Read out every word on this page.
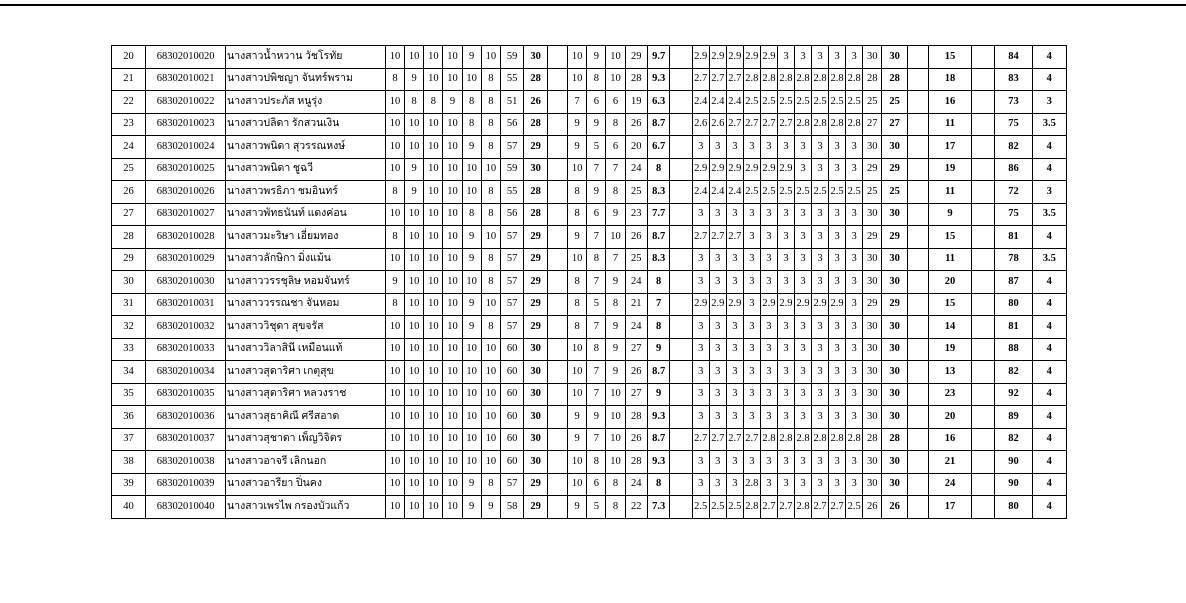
20	68302010020	นางสาวน้ำหวาน วัชโรทัย	10	10	10	10	9	10	59	30		10	9	10	29	9.7		2.9	2.9	2.9	2.9	2.9	3	3	3	3	3	30	30		15		84	4
21	68302010021	นางสาวปพิชญา จันทร์พราม	8	9	10	10	10	8	55	28		10	8	10	28	9.3		2.7	2.7	2.7	2.8	2.8	2.8	2.8	2.8	2.8	2.8	28	28		18		83	4
22	68302010022	นางสาวประภัส หนูรุ่ง	10	8	8	9	8	8	51	26		7	6	6	19	6.3		2.4	2.4	2.4	2.5	2.5	2.5	2.5	2.5	2.5	2.5	25	25		16		73	3
23	68302010023	นางสาวปลิดา รักสวนเงิน	10	10	10	10	8	8	56	28		9	9	8	26	8.7		2.6	2.6	2.7	2.7	2.7	2.7	2.8	2.8	2.8	2.8	27	27		11		75	3.5
24	68302010024	นางสาวพนิดา สุวรรณหงษ์	10	10	10	10	9	8	57	29		9	5	6	20	6.7		3	3	3	3	3	3	3	3	3	3	30	30		17		82	4
25	68302010025	นางสาวพนิดา ชูฉวี	10	9	10	10	10	10	59	30		10	7	7	24	8		2.9	2.9	2.9	2.9	2.9	2.9	3	3	3	3	29	29		19		86	4
26	68302010026	นางสาวพรธิภา ชมอินทร์	8	9	10	10	10	8	55	28		8	9	8	25	8.3		2.4	2.4	2.4	2.5	2.5	2.5	2.5	2.5	2.5	2.5	25	25		11		72	3
27	68302010027	นางสาวพัทธนันท์ แดงค่อน	10	10	10	10	8	8	56	28		8	6	9	23	7.7		3	3	3	3	3	3	3	3	3	3	30	30		9		75	3.5
28	68302010028	นางสาวมะริษา เอี่ยมทอง	8	10	10	10	9	10	57	29		9	7	10	26	8.7		2.7	2.7	2.7	3	3	3	3	3	3	3	29	29		15		81	4
29	68302010029	นางสาวลักษิกา มิ่งแม้น	10	10	10	10	9	8	57	29		10	8	7	25	8.3		3	3	3	3	3	3	3	3	3	3	30	30		11		78	3.5
30	68302010030	นางสาววรรชุลิษ หอมจันทร์	9	10	10	10	10	8	57	29		8	7	9	24	8		3	3	3	3	3	3	3	3	3	3	30	30		20		87	4
31	68302010031	นางสาววรรณชา จันหอม	8	10	10	10	9	10	57	29		8	5	8	21	7		2.9	2.9	2.9	3	2.9	2.9	2.9	2.9	2.9	3	29	29		15		80	4
32	68302010032	นางสาววิชุดา สุขจรัส	10	10	10	10	9	8	57	29		8	7	9	24	8		3	3	3	3	3	3	3	3	3	3	30	30		14		81	4
33	68302010033	นางสาววิลาสินี เหมือนแท้	10	10	10	10	10	10	60	30		10	8	9	27	9		3	3	3	3	3	3	3	3	3	3	30	30		19		88	4
34	68302010034	นางสาวสุดาริศา เกตุสุข	10	10	10	10	10	10	60	30		10	7	9	26	8.7		3	3	3	3	3	3	3	3	3	3	30	30		13		82	4
35	68302010035	นางสาวสุดาริศา หลวงราช	10	10	10	10	10	10	60	30		10	7	10	27	9		3	3	3	3	3	3	3	3	3	3	30	30		23		92	4
36	68302010036	นางสาวสุธาคิณี ศรีสอาด	10	10	10	10	10	10	60	30		9	9	10	28	9.3		3	3	3	3	3	3	3	3	3	3	30	30		20		89	4
37	68302010037	นางสาวสุชาดา เพ็ญวิจิตร	10	10	10	10	10	10	60	30		9	7	10	26	8.7		2.7	2.7	2.7	2.7	2.8	2.8	2.8	2.8	2.8	2.8	28	28		16		82	4
38	68302010038	นางสาวอาจรี เลิกนอก	10	10	10	10	10	10	60	30		10	8	10	28	9.3		3	3	3	3	3	3	3	3	3	3	30	30		21		90	4
39	68302010039	นางสาวอารียา ปิ่นคง	10	10	10	10	9	8	57	29		10	6	8	24	8		3	3	3	2.8	3	3	3	3	3	3	30	30		24		90	4
40	68302010040	นางสาวเพรไพ กรองบัวแก้ว	10	10	10	10	9	9	58	29		9	5	8	22	7.3		2.5	2.5	2.5	2.8	2.7	2.7	2.8	2.7	2.7	2.5	26	26		17		80	4
